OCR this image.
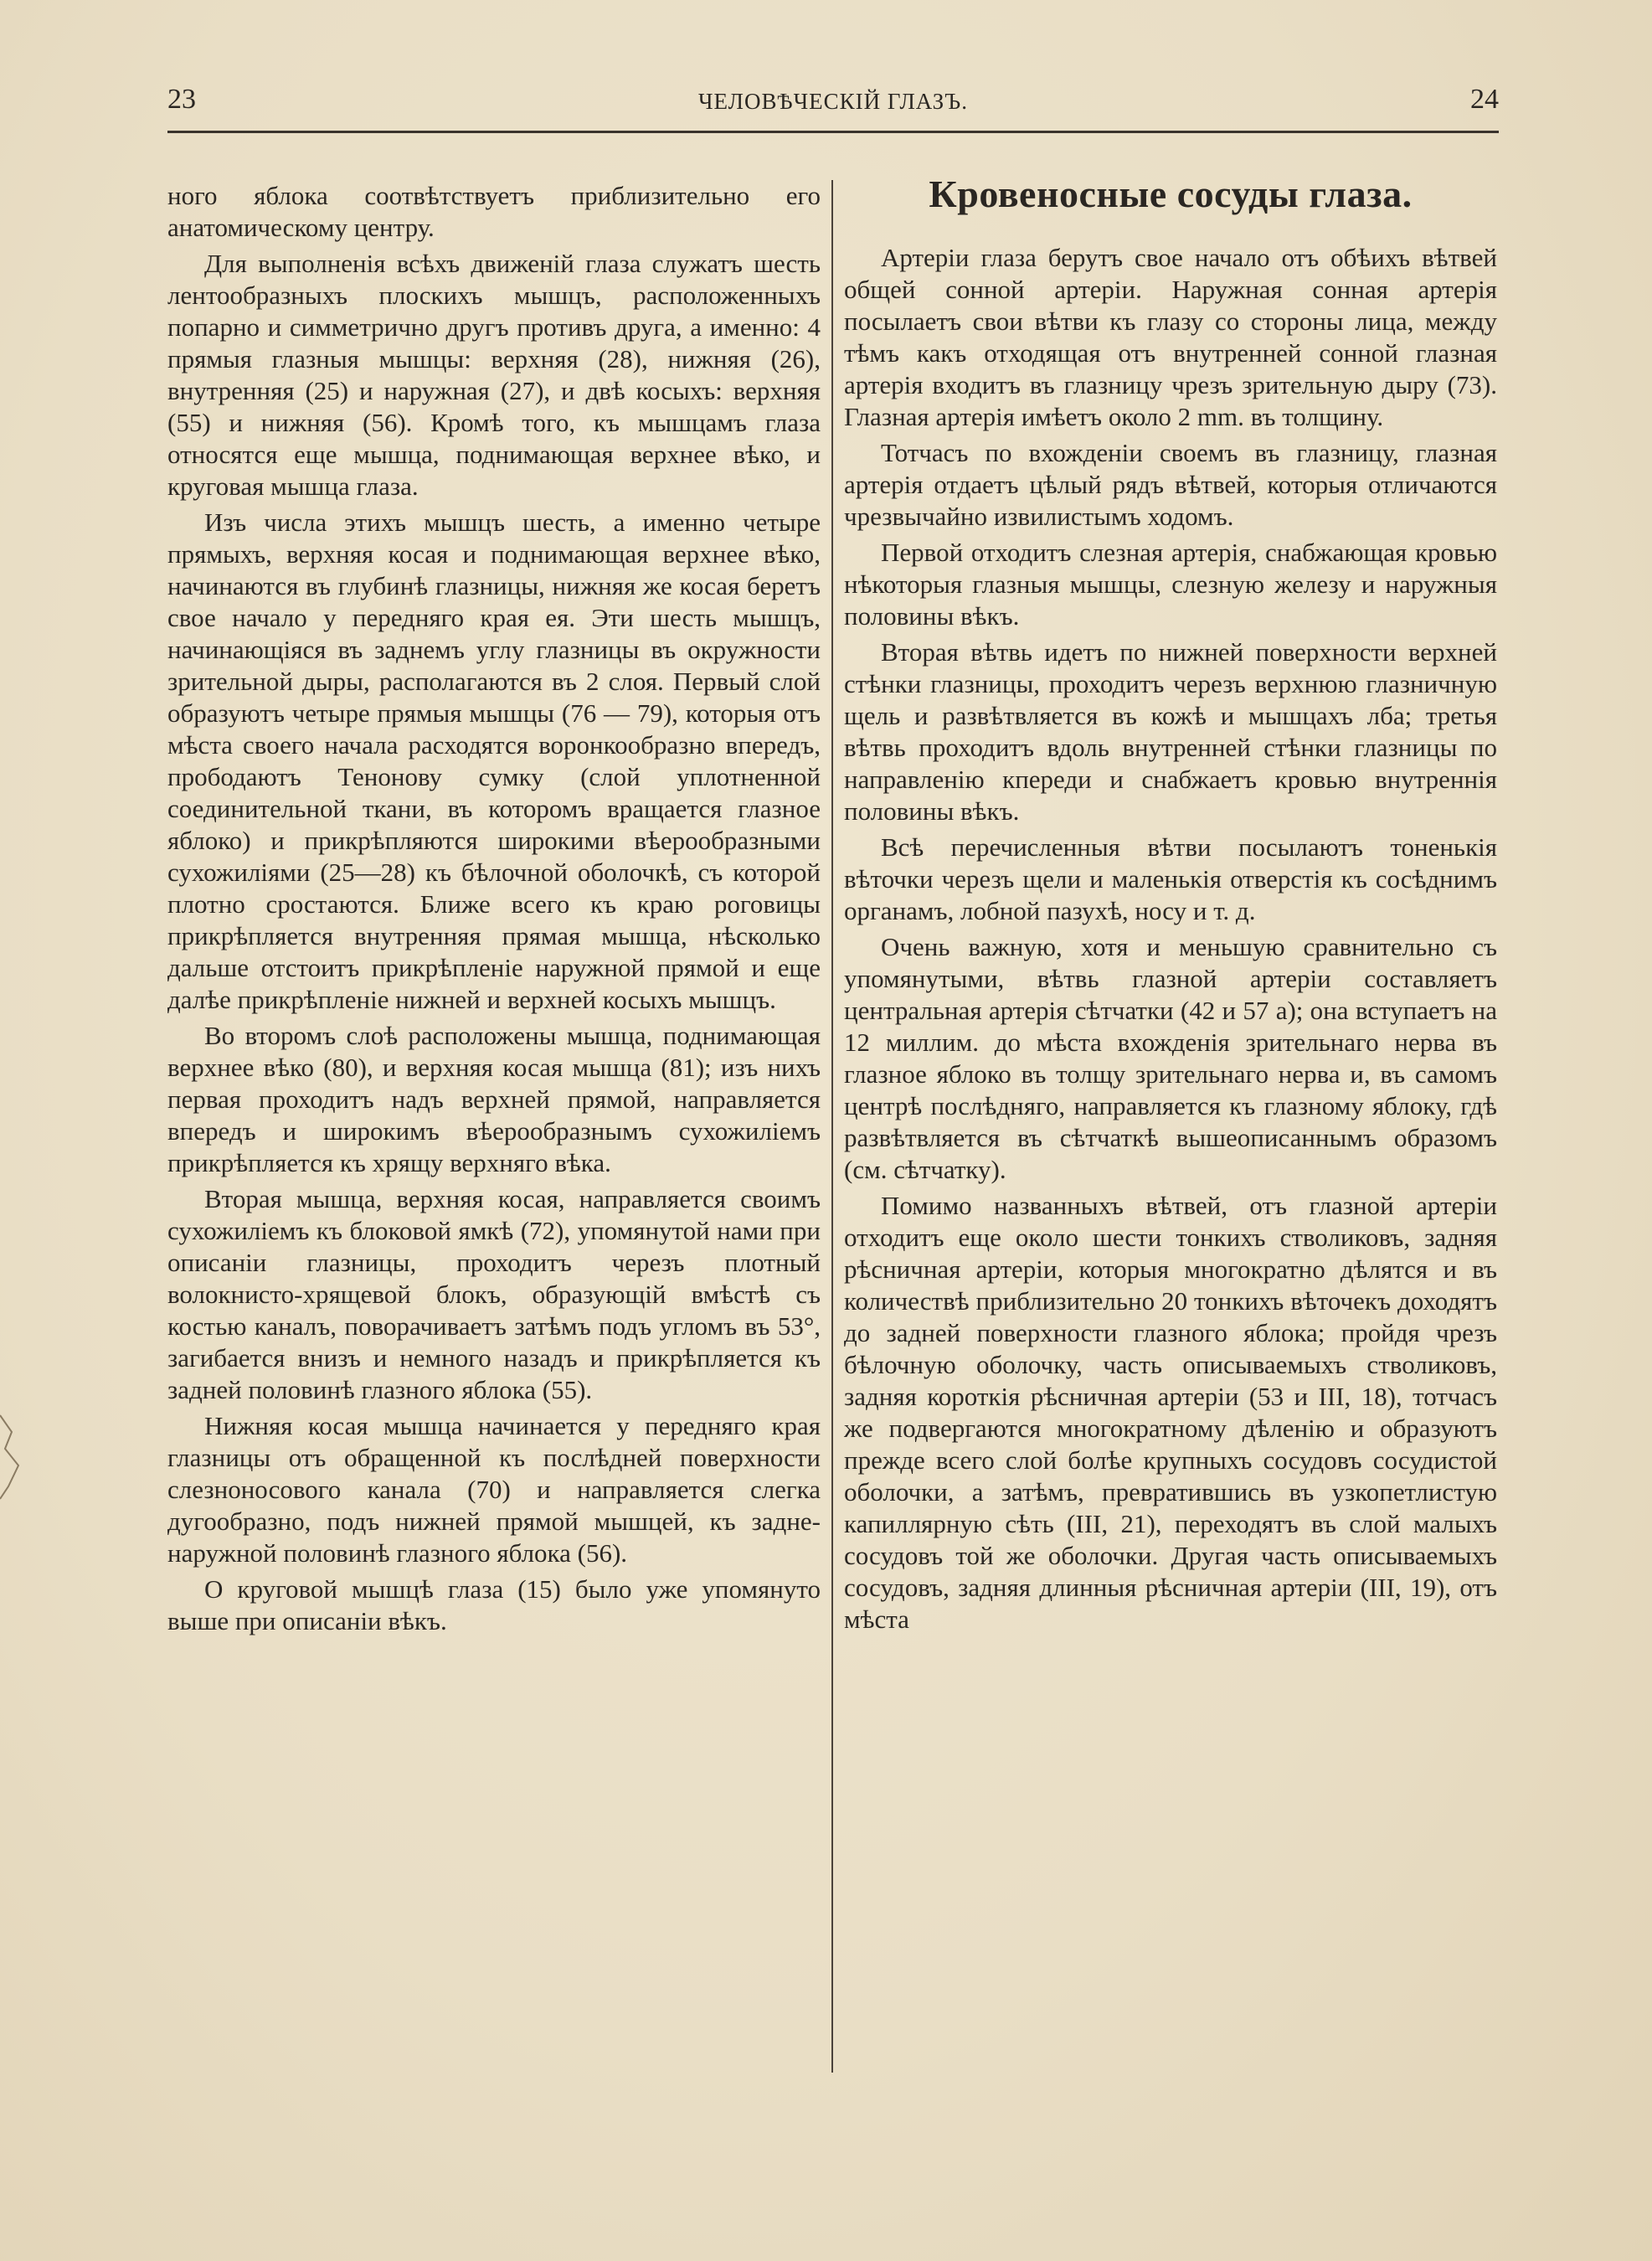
23	ЧЕЛОВѢЧЕСКІЙ ГЛАЗЪ.	24

ного яблока соотвѣтствуетъ приблизительно его анатомическому центру.

Для выполненія всѣхъ движеній глаза служатъ шесть лентообразныхъ плоскихъ мышцъ, расположенныхъ попарно и симметрично другъ противъ друга, а именно: 4 прямыя глазныя мышцы: верхняя (28), нижняя (26), внутренняя (25) и наружная (27), и двѣ косыхъ: верхняя (55) и нижняя (56). Кромѣ того, къ мышцамъ глаза относятся еще мышца, поднимающая верхнее вѣко, и круговая мышца глаза.

Изъ числа этихъ мышцъ шесть, а именно четыре прямыхъ, верхняя косая и поднимающая верхнее вѣко, начинаются въ глубинѣ глазницы, нижняя же косая беретъ свое начало у передняго края ея. Эти шесть мышцъ, начинающіяся въ заднемъ углу глазницы въ окружности зрительной дыры, располагаются въ 2 слоя. Первый слой образуютъ четыре прямыя мышцы (76 — 79), которыя отъ мѣста своего начала расходятся воронкообразно впередъ, прободаютъ Тенонову сумку (слой уплотненной соединительной ткани, въ которомъ вращается глазное яблоко) и прикрѣпляются широкими вѣерообразными сухожиліями (25—28) къ бѣлочной оболочкѣ, съ которой плотно сростаются. Ближе всего къ краю роговицы прикрѣпляется внутренняя прямая мышца, нѣсколько дальше отстоитъ прикрѣпленіе наружной прямой и еще далѣе прикрѣпленіе нижней и верхней косыхъ мышцъ.

Во второмъ слоѣ расположены мышца, поднимающая верхнее вѣко (80), и верхняя косая мышца (81); изъ нихъ первая проходитъ надъ верхней прямой, направляется впередъ и широкимъ вѣерообразнымъ сухожиліемъ прикрѣпляется къ хрящу верхняго вѣка.

Вторая мышца, верхняя косая, направляется своимъ сухожиліемъ къ блоковой ямкѣ (72), упомянутой нами при описаніи глазницы, проходитъ черезъ плотный волокнисто-хрящевой блокъ, образующій вмѣстѣ съ костью каналъ, поворачиваетъ затѣмъ подъ угломъ въ 53°, загибается внизъ и немного назадъ и прикрѣпляется къ задней половинѣ глазного яблока (55).

Нижняя косая мышца начинается у передняго края глазницы отъ обращенной къ послѣдней поверхности слезноносового канала (70) и направляется слегка дугообразно, подъ нижней прямой мышцей, къ задне-наружной половинѣ глазного яблока (56).

О круговой мышцѣ глаза (15) было уже упомянуто выше при описаніи вѣкъ.

Кровеносные сосуды глаза.

Артеріи глаза берутъ свое начало отъ обѣихъ вѣтвей общей сонной артеріи. Наружная сонная артерія посылаетъ свои вѣтви къ глазу со стороны лица, между тѣмъ какъ отходящая отъ внутренней сонной глазная артерія входитъ въ глазницу чрезъ зрительную дыру (73). Глазная артерія имѣетъ около 2 mm. въ толщину.

Тотчасъ по вхожденіи своемъ въ глазницу, глазная артерія отдаетъ цѣлый рядъ вѣтвей, которыя отличаются чрезвычайно извилистымъ ходомъ.

Первой отходитъ слезная артерія, снабжающая кровью нѣкоторыя глазныя мышцы, слезную железу и наружныя половины вѣкъ.

Вторая вѣтвь идетъ по нижней поверхности верхней стѣнки глазницы, проходитъ черезъ верхнюю глазничную щель и развѣтвляется въ кожѣ и мышцахъ лба; третья вѣтвь проходитъ вдоль внутренней стѣнки глазницы по направленію кпереди и снабжаетъ кровью внутреннія половины вѣкъ.

Всѣ перечисленныя вѣтви посылаютъ тоненькія вѣточки черезъ щели и маленькія отверстія къ сосѣднимъ органамъ, лобной пазухѣ, носу и т. д.

Очень важную, хотя и меньшую сравнительно съ упомянутыми, вѣтвь глазной артеріи составляетъ центральная артерія сѣтчатки (42 и 57 а); она вступаетъ на 12 миллим. до мѣста вхожденія зрительнаго нерва въ глазное яблоко въ толщу зрительнаго нерва и, въ самомъ центрѣ послѣдняго, направляется къ глазному яблоку, гдѣ развѣтвляется въ сѣтчаткѣ вышеописаннымъ образомъ (см. сѣтчатку).

Помимо названныхъ вѣтвей, отъ глазной артеріи отходитъ еще около шести тонкихъ стволиковъ, задняя рѣсничная артеріи, которыя многократно дѣлятся и въ количествѣ приблизительно 20 тонкихъ вѣточекъ доходятъ до задней поверхности глазного яблока; пройдя чрезъ бѣлочную оболочку, часть описываемыхъ стволиковъ, задняя короткія рѣсничная артеріи (53 и III, 18), тотчасъ же подвергаются многократному дѣленію и образуютъ прежде всего слой болѣе крупныхъ сосудовъ сосудистой оболочки, а затѣмъ, превратившись въ узкопетлистую капиллярную сѣть (III, 21), переходятъ въ слой малыхъ сосудовъ той же оболочки. Другая часть описываемыхъ сосудовъ, задняя длинныя рѣсничная артеріи (III, 19), отъ мѣста
